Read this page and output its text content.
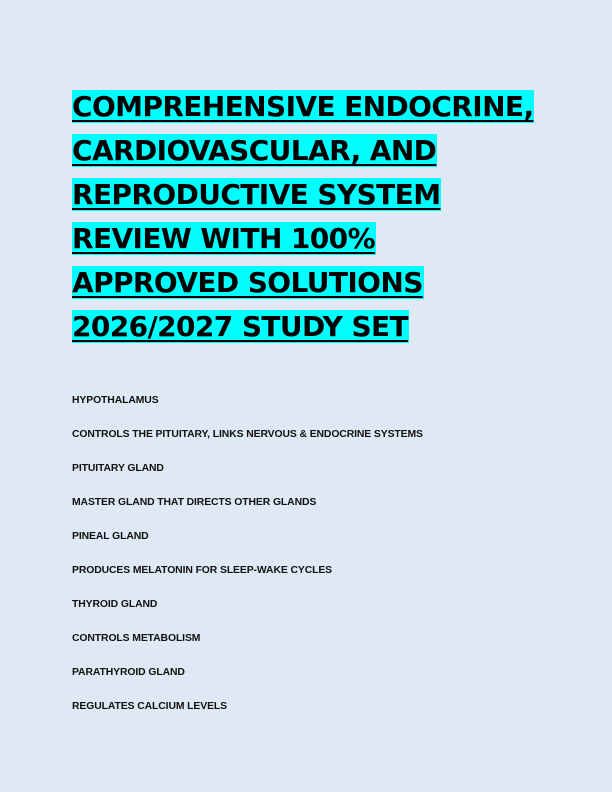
COMPREHENSIVE ENDOCRINE,
CARDIOVASCULAR, AND
REPRODUCTIVE SYSTEM
REVIEW WITH 100%
APPROVED SOLUTIONS
2026/2027 STUDY SET

HYPOTHALAMUS

CONTROLS THE PITUITARY, LINKS NERVOUS & ENDOCRINE SYSTEMS

PITUITARY GLAND

MASTER GLAND THAT DIRECTS OTHER GLANDS

PINEAL GLAND

PRODUCES MELATONIN FOR SLEEP-WAKE CYCLES

THYROID GLAND

CONTROLS METABOLISM

PARATHYROID GLAND

REGULATES CALCIUM LEVELS
